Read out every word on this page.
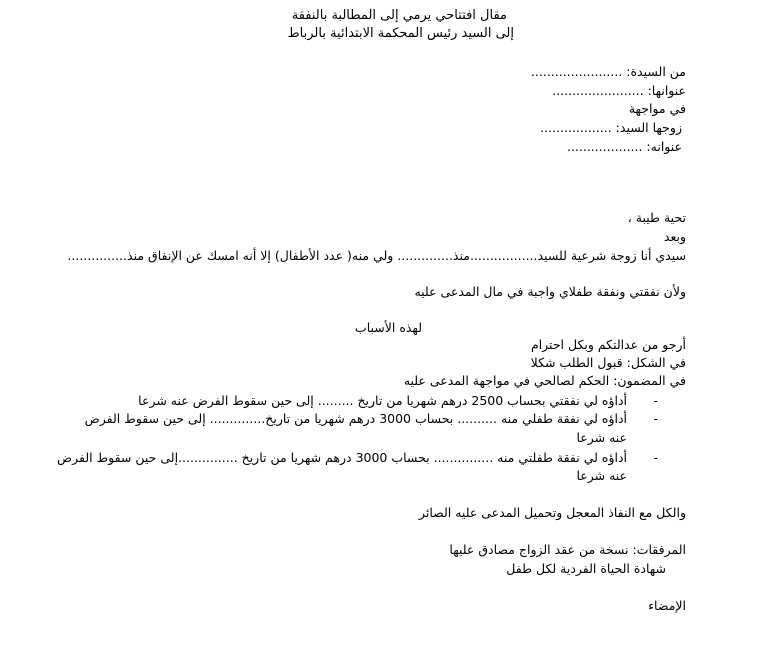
مقال افتتاحي يرمي إلى المطالبة بالنفقة
إلى السيد رئيس المحكمة الابتدائية بالرباط
من السيدة: .......................
عنوانها: .......................
في مواجهة
زوجها السيد: ..................
عنوانه: ...................
تحية طيبة ،
وبعد
سيدي أنا زوجة شرعية للسيد.................منذ.............. ولي منه( عدد الأطفال) إلا أنه امسك عن الإنفاق منذ...............
ولأن نفقتي ونفقة طفلاي واجبة في مال المدعى عليه
لهذه الأسباب
أرجو من عدالتكم وبكل احترام
في الشكل: قبول الطلب شكلا
في المضمون: الحكم لصالحي في مواجهة المدعى عليه
-
أداؤه لي نفقتي بحساب 2500 درهم شهريا من تاريخ ......... إلى حين سقوط الفرض عنه شرعا
-
أداؤه لي نفقة طفلي منه .......... بحساب 3000 درهم شهريا من تاريخ.............. إلى حين سقوط الفرض
عنه شرعا
-
أداؤه لي نفقة طفلتي منه ............... بحساب 3000 درهم شهريا من تاريخ ...............إلى حين سقوط الفرض
عنه شرعا
والكل مع النفاذ المعجل وتحميل المدعى عليه الصائر
المرفقات: نسخة من عقد الزواج مصادق عليها
شهادة الحياة الفردية لكل طفل
الإمضاء
